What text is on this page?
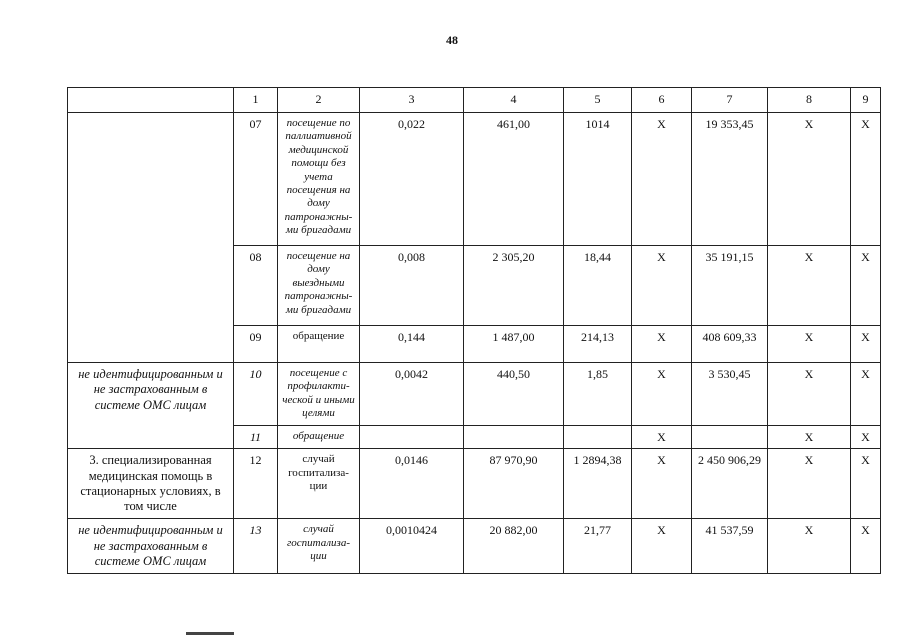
48
	1	2	3	4	5	6	7	8	9
	07	посещение по паллиативной медицинской помощи без учета посещения на дому патронажны-ми бригадами	0,022	461,00	1014	Х	19 353,45	Х	Х
	08	посещение на дому выездными патронажны-ми бригадами	0,008	2 305,20	18,44	Х	35 191,15	Х	Х
	09	обращение	0,144	1 487,00	214,13	Х	408 609,33	Х	Х
не идентифицированным и не застрахованным в системе ОМС лицам	10	посещение с профилакти-ческой и иными целями	0,0042	440,50	1,85	Х	3 530,45	Х	Х
	11	обращение				Х		Х	Х
3. специализированная медицинская помощь в стационарных условиях, в том числе	12	случай госпитализа-ции	0,0146	87 970,90	1 2894,38	Х	2 450 906,29	Х	Х
не идентифицированным и не застрахованным в системе ОМС лицам	13	случай госпитализа-ции	0,0010424	20 882,00	21,77	Х	41 537,59	Х	Х
